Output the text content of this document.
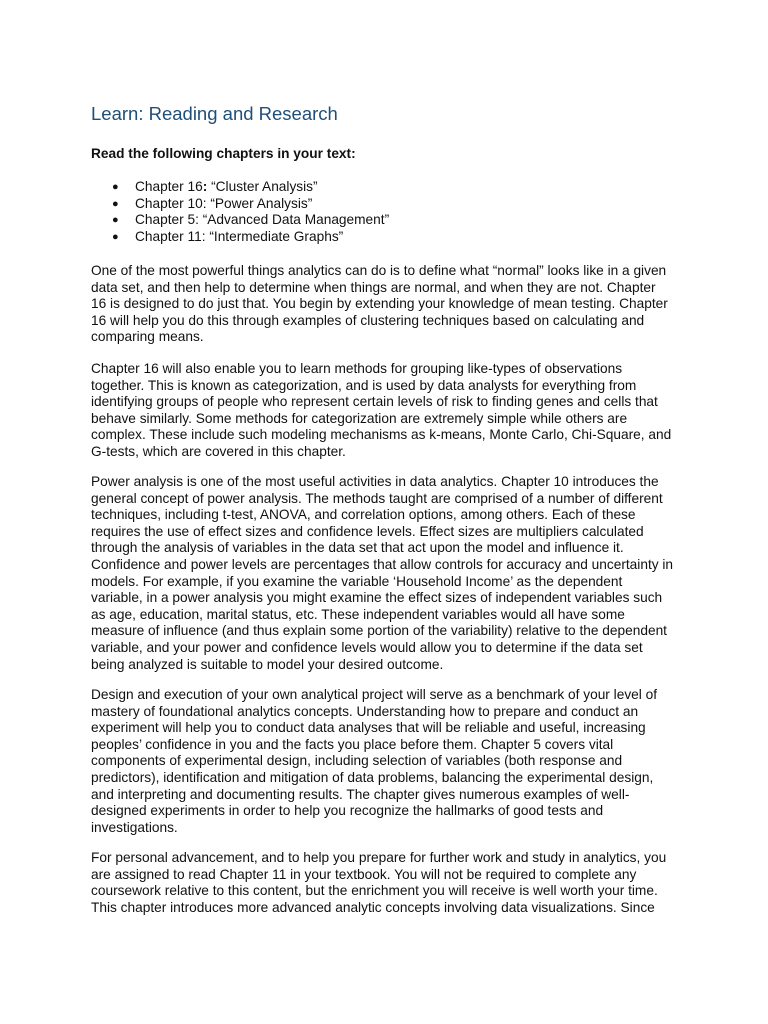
Learn: Reading and Research

Read the following chapters in your text:

● Chapter 16: “Cluster Analysis”
● Chapter 10: “Power Analysis”
● Chapter 5: “Advanced Data Management”
● Chapter 11: “Intermediate Graphs”

One of the most powerful things analytics can do is to define what “normal” looks like in a given
data set, and then help to determine when things are normal, and when they are not. Chapter
16 is designed to do just that. You begin by extending your knowledge of mean testing. Chapter
16 will help you do this through examples of clustering techniques based on calculating and
comparing means.

Chapter 16 will also enable you to learn methods for grouping like-types of observations
together. This is known as categorization, and is used by data analysts for everything from
identifying groups of people who represent certain levels of risk to finding genes and cells that
behave similarly. Some methods for categorization are extremely simple while others are
complex. These include such modeling mechanisms as k-means, Monte Carlo, Chi-Square, and
G-tests, which are covered in this chapter.

Power analysis is one of the most useful activities in data analytics. Chapter 10 introduces the
general concept of power analysis. The methods taught are comprised of a number of different
techniques, including t-test, ANOVA, and correlation options, among others. Each of these
requires the use of effect sizes and confidence levels. Effect sizes are multipliers calculated
through the analysis of variables in the data set that act upon the model and influence it.
Confidence and power levels are percentages that allow controls for accuracy and uncertainty in
models. For example, if you examine the variable ‘Household Income’ as the dependent
variable, in a power analysis you might examine the effect sizes of independent variables such
as age, education, marital status, etc. These independent variables would all have some
measure of influence (and thus explain some portion of the variability) relative to the dependent
variable, and your power and confidence levels would allow you to determine if the data set
being analyzed is suitable to model your desired outcome.

Design and execution of your own analytical project will serve as a benchmark of your level of
mastery of foundational analytics concepts. Understanding how to prepare and conduct an
experiment will help you to conduct data analyses that will be reliable and useful, increasing
peoples’ confidence in you and the facts you place before them. Chapter 5 covers vital
components of experimental design, including selection of variables (both response and
predictors), identification and mitigation of data problems, balancing the experimental design,
and interpreting and documenting results. The chapter gives numerous examples of well-
designed experiments in order to help you recognize the hallmarks of good tests and
investigations.

For personal advancement, and to help you prepare for further work and study in analytics, you
are assigned to read Chapter 11 in your textbook. You will not be required to complete any
coursework relative to this content, but the enrichment you will receive is well worth your time.
This chapter introduces more advanced analytic concepts involving data visualizations. Since
